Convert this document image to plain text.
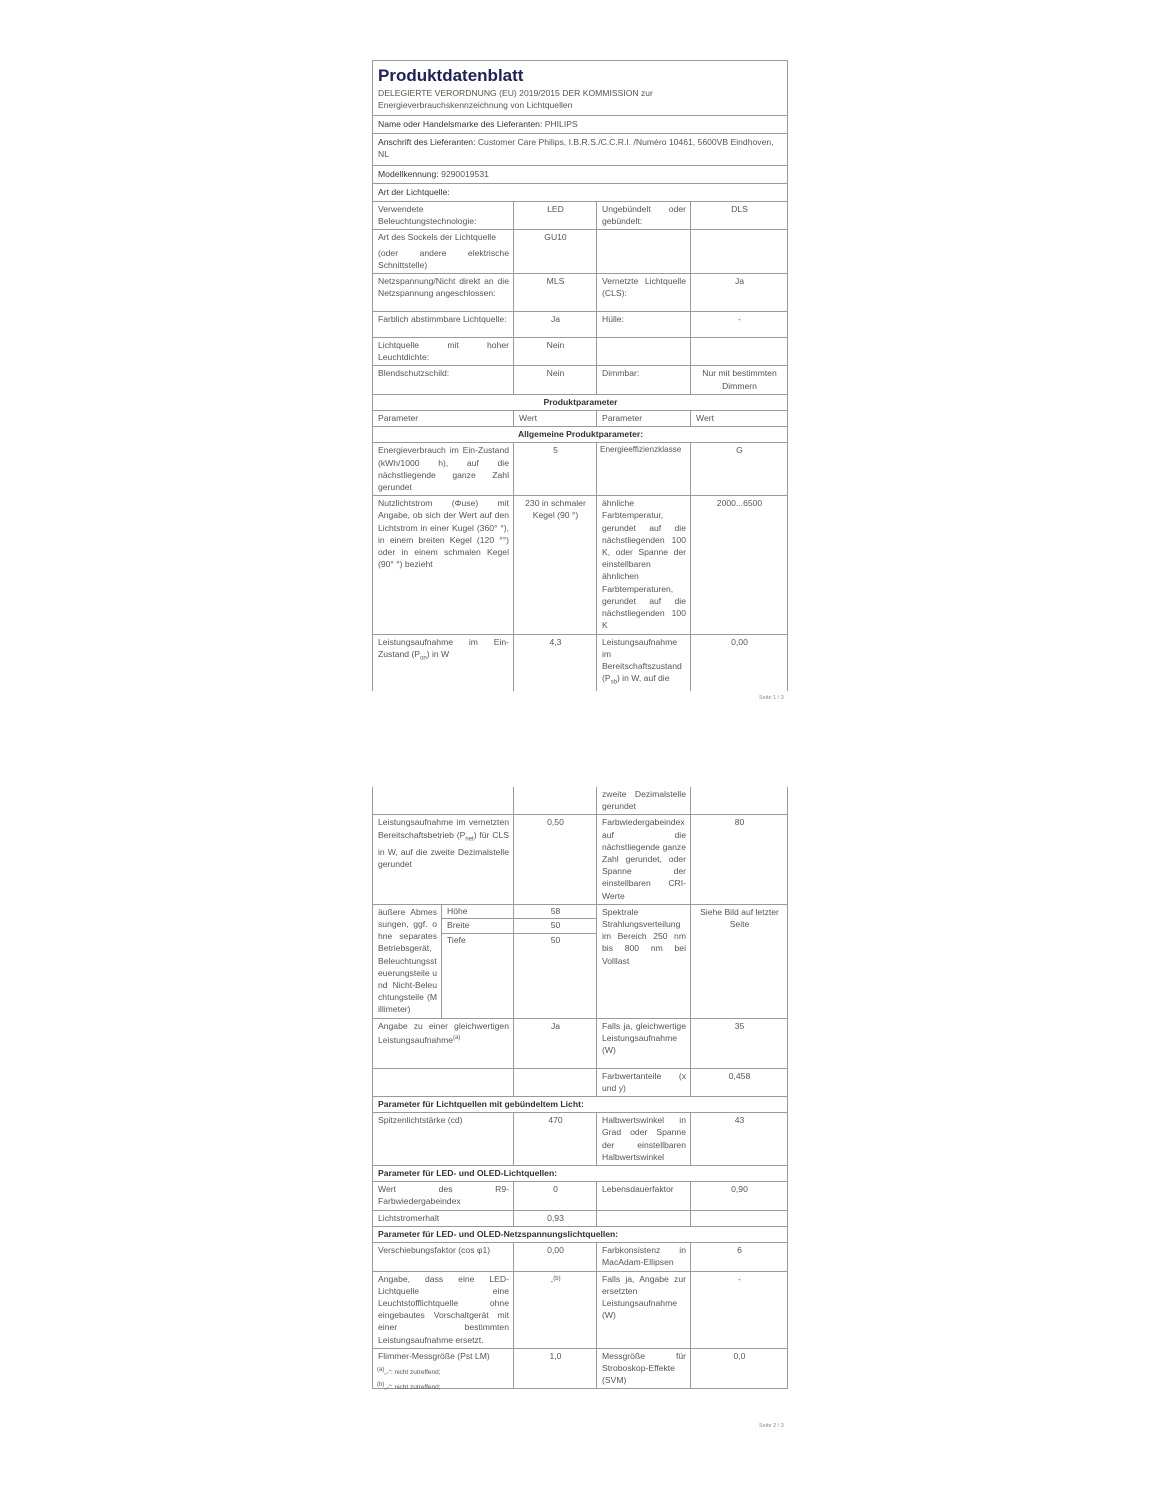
Produktdatenblatt
DELEGIERTE VERORDNUNG (EU) 2019/2015 DER KOMMISSION zur Energieverbrauchskennzeichnung von Lichtquellen			

Name oder Handelsmarke des Lieferanten: PHILIPS			
Anschrift des Lieferanten: Customer Care Philips, I.B.R.S./C.C.R.I. /Numéro 10461, 5600VB Eindhoven, NL			
Modellkennung: 9290019531			
Art der Lichtquelle:			
Verwendete Beleuchtungstechnologie:	LED	Ungebündelt oder gebündelt:	DLS

Art des Sockels der Lichtquelle
(oder andere elektrische Schnittstelle)	GU10		
Netzspannung/Nicht direkt an die Netzspannung angeschlossen:	MLS	Vernetzte Lichtquelle (CLS):	Ja
Farblich abstimmbare Lichtquelle:	Ja	Hülle:	-
Lichtquelle mit hoher Leuchtdichte:	Nein		
Blendschutzschild:	Nein	Dimmbar:	Nur mit bestimmten Dimmern
Produktparameter			
Parameter	Wert	Parameter	Wert
Allgemeine Produktparameter:			
Energieverbrauch im Ein-Zustand (kWh/1000 h), auf die nächstliegende ganze Zahl gerundet	5	Energieeffizienzklasse	G
Nutzlichtstrom (Φuse) mit Angabe, ob sich der Wert auf den Lichtstrom in einer Kugel (360° °), in einem breiten Kegel (120 °°) oder in einem schmalen Kegel (90° °) bezieht	230 in schmaler Kegel (90 °)	ähnliche Farbtemperatur, gerundet auf die nächstliegenden 100 K, oder Spanne der einstellbaren ähnlichen Farbtemperaturen, gerundet auf die nächstliegenden 100 K	2000...6500
Leistungsaufnahme im Ein-Zustand $(P_{on})$ in W	4,3	Leistungsaufnahme im Bereitschaftszustand $(P_{sb})$ in W, auf die	0,00
Seite 1 / 3
			zweite Dezimalstelle gerundet	
Leistungsaufnahme im vernetzten Bereitschaftsbetrieb $(P_{net})$ für CLS in W, auf die zweite Dezimalstelle gerundet		0,50	Farbwiedergabeindex auf die nächstliegende ganze Zahl gerundet, oder Spanne der einstellbaren CRI-Werte	80
äußere Abmessungen, ggf. ohne separates Betriebsgerät, Beleuchtungssteuerungsteile und Nicht-Beleuchtungsteile (Millimeter)	Höhe	58	Spektrale Strahlungsverteilung im Bereich 250 nm bis 800 nm bei Volllast	Siehe Bild auf letzter Seite
	Breite	50		
	Tiefe	50		
Angabe zu einer gleichwertigen Leistungsaufnahme$^{(a)}$		Ja	Falls ja, gleichwertige Leistungsaufnahme (W)	35
			Farbwertanteile (x und y)	0,458
Parameter für Lichtquellen mit gebündeltem Licht:				
Spitzenlichtstärke (cd)		470	Halbwertswinkel in Grad oder Spanne der einstellbaren Halbwertswinkel	43
Parameter für LED- und OLED-Lichtquellen:				
Wert des R9-Farbwiedergabeindex		0	Lebensdauerfaktor	0,90
Lichtstromerhalt		0,93		
Parameter für LED- und OLED-Netzspannungslichtquellen:				
Verschiebungsfaktor (cos φ1)		0,00	Farbkonsistenz in MacAdam-Ellipsen	6
Angabe, dass eine LED-Lichtquelle eine Leuchtstofflichtquelle ohne eingebautes Vorschaltgerät mit einer bestimmten Leistungsaufnahme ersetzt.		-$^{(b)}$	Falls ja, Angabe zur ersetzten Leistungsaufnahme (W)	-
Flimmer-Messgröße (Pst LM)		1,0	Messgröße für Stroboskop-Effekte (SVM)	0,0
$^{(a)}$„-“: nicht zutreffend;
$^{(b)}$„-“: nicht zutreffend;
Seite 2 / 3
